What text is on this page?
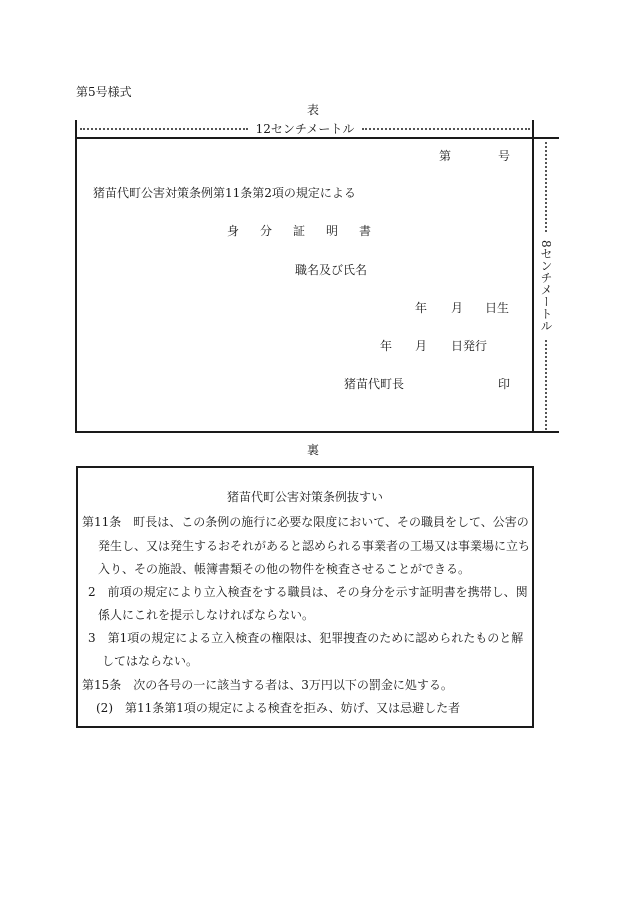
第5号様式
表
12センチメートル
8センチメートル
第	号
猪苗代町公害対策条例第11条第2項の規定による
身 分 証 明 書
職名及び氏名
年 月 日生
年 月 日発行
猪苗代町長	印
裏
猪苗代町公害対策条例抜すい
第11条　町長は、この条例の施行に必要な限度において、その職員をして、公害の
発生し、又は発生するおそれがあると認められる事業者の工場又は事業場に立ち
入り、その施設、帳簿書類その他の物件を検査させることができる。
2　前項の規定により立入検査をする職員は、その身分を示す証明書を携帯し、関
係人にこれを提示しなければならない。
3　第1項の規定による立入検査の権限は、犯罪捜査のために認められたものと解
してはならない。
第15条　次の各号の一に該当する者は、3万円以下の罰金に処する。
(2)　第11条第1項の規定による検査を拒み、妨げ、又は忌避した者
